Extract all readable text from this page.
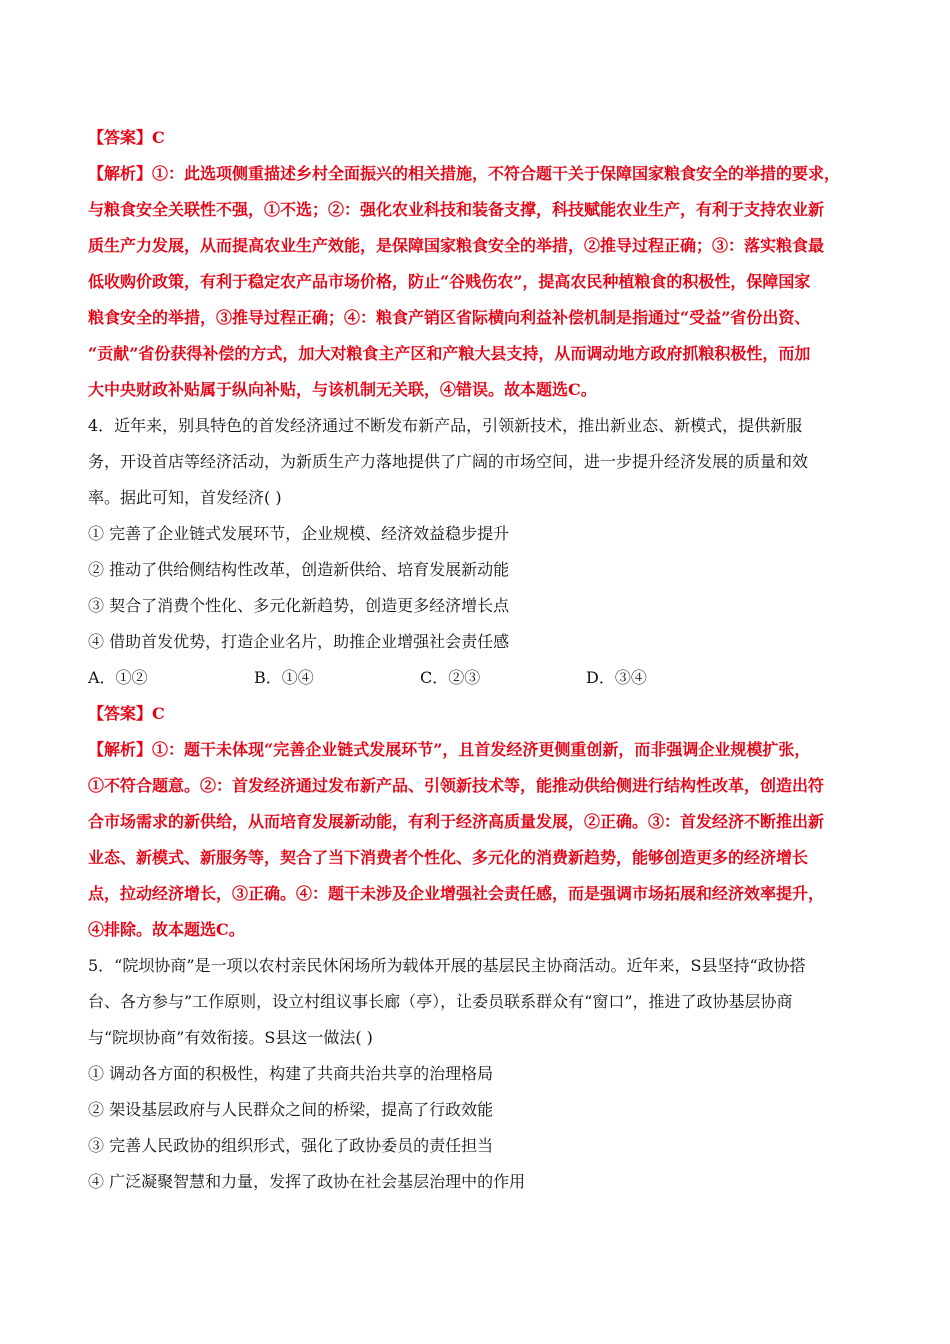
【答案】C
【解析】①：此选项侧重描述乡村全面振兴的相关措施，不符合题干关于保障国家粮食安全的举措的要求，
与粮食安全关联性不强，①不选；②：强化农业科技和装备支撑，科技赋能农业生产，有利于支持农业新
质生产力发展，从而提高农业生产效能，是保障国家粮食安全的举措，②推导过程正确；③：落实粮食最
低收购价政策，有利于稳定农产品市场价格，防止“谷贱伤农”，提高农民种植粮食的积极性，保障国家
粮食安全的举措，③推导过程正确；④：粮食产销区省际横向利益补偿机制是指通过“受益”省份出资、
“贡献”省份获得补偿的方式，加大对粮食主产区和产粮大县支持，从而调动地方政府抓粮积极性，而加
大中央财政补贴属于纵向补贴，与该机制无关联，④错误。故本题选C。
4．近年来，别具特色的首发经济通过不断发布新产品，引领新技术，推出新业态、新模式，提供新服
务，开设首店等经济活动，为新质生产力落地提供了广阔的市场空间，进一步提升经济发展的质量和效
率。据此可知，首发经济( )
① 完善了企业链式发展环节，企业规模、经济效益稳步提升
② 推动了供给侧结构性改革，创造新供给、培育发展新动能
③ 契合了消费个性化、多元化新趋势，创造更多经济增长点
④ 借助首发优势，打造企业名片，助推企业增强社会责任感
A．①②	B．①④	C．②③	D．③④
【答案】C
【解析】①：题干未体现“完善企业链式发展环节”，且首发经济更侧重创新，而非强调企业规模扩张，
①不符合题意。②：首发经济通过发布新产品、引领新技术等，能推动供给侧进行结构性改革，创造出符
合市场需求的新供给，从而培育发展新动能，有利于经济高质量发展，②正确。③：首发经济不断推出新
业态、新模式、新服务等，契合了当下消费者个性化、多元化的消费新趋势，能够创造更多的经济增长
点，拉动经济增长，③正确。④：题干未涉及企业增强社会责任感，而是强调市场拓展和经济效率提升，
④排除。故本题选C。
5．“院坝协商”是一项以农村亲民休闲场所为载体开展的基层民主协商活动。近年来，S县坚持“政协搭
台、各方参与”工作原则，设立村组议事长廊（亭），让委员联系群众有“窗口”，推进了政协基层协商
与“院坝协商”有效衔接。S县这一做法( )
① 调动各方面的积极性，构建了共商共治共享的治理格局
② 架设基层政府与人民群众之间的桥梁，提高了行政效能
③ 完善人民政协的组织形式，强化了政协委员的责任担当
④ 广泛凝聚智慧和力量，发挥了政协在社会基层治理中的作用
